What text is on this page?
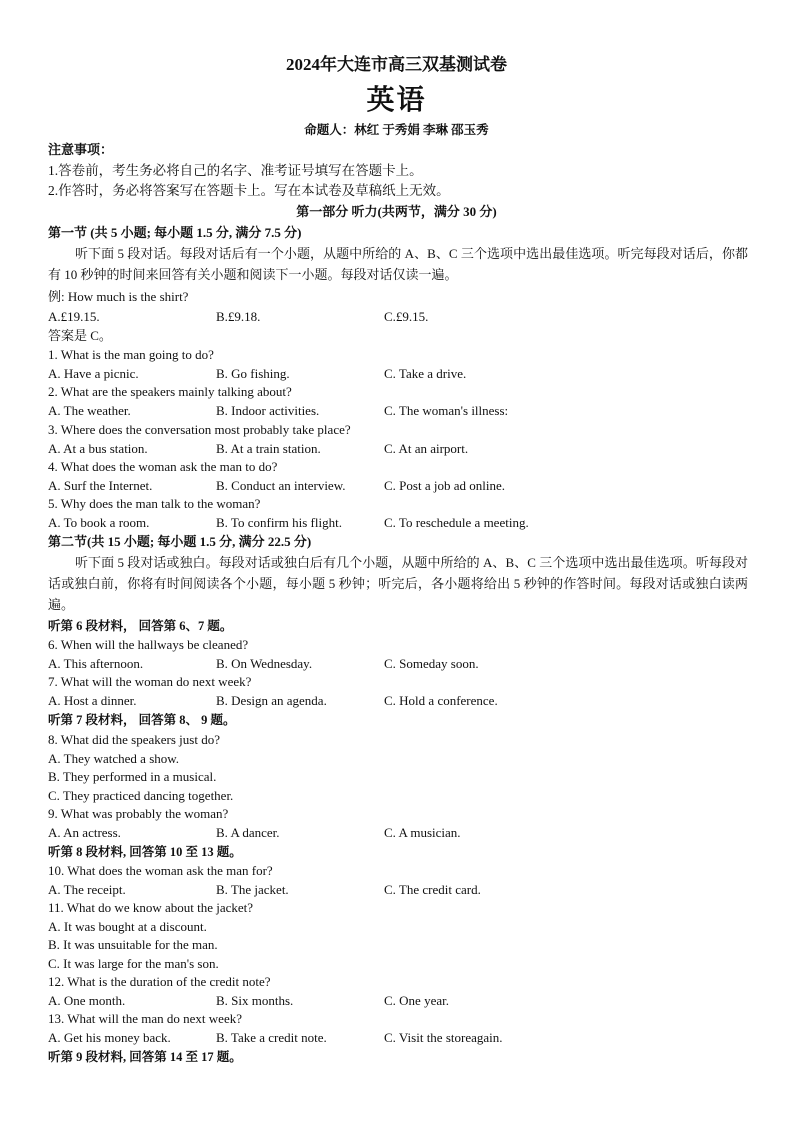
2024年大连市高三双基测试卷
英语
命题人：林红 于秀娟 李琳 邵玉秀
注意事项：
1.答卷前，考生务必将自己的名字、准考证号填写在答题卡上。
2.作答时，务必将答案写在答题卡上。写在本试卷及草稿纸上无效。
第一部分 听力(共两节，满分 30 分)
第一节 (共 5 小题; 每小题 1.5 分, 满分 7.5 分)
听下面 5 段对话。每段对话后有一个小题，从题中所给的 A、B、C 三个选项中选出最佳选项。听完每段对话后，你都有 10 秒钟的时间来回答有关小题和阅读下一小题。每段对话仅读一遍。
例: How much is the shirt?
A.£19.15.	B.£9.18.	C.£9.15.
答案是 C。
1. What is the man going to do?
A. Have a picnic.	B. Go fishing.	C. Take a drive.
2. What are the speakers mainly talking about?
A. The weather.	B. Indoor activities.	C. The woman's illness:
3. Where does the conversation most probably take place?
A. At a bus station.	B. At a train station.	C. At an airport.
4. What does the woman ask the man to do?
A. Surf the Internet.	B. Conduct an interview.	C. Post a job ad online.
5. Why does the man talk to the woman?
A. To book a room.	B. To confirm his flight.	C. To reschedule a meeting.
第二节(共 15 小题; 每小题 1.5 分, 满分 22.5 分)
听下面 5 段对话或独白。每段对话或独白后有几个小题，从题中所给的 A、B、C 三个选项中选出最佳选项。听每段对话或独白前，你将有时间阅读各个小题，每小题 5 秒钟；听完后，各小题将给出 5 秒钟的作答时间。每段对话或独白读两遍。
听第 6 段材料， 回答第 6、7 题。
6. When will the hallways be cleaned?
A. This afternoon.	B. On Wednesday.	C. Someday soon.
7. What will the woman do next week?
A. Host a dinner.	B. Design an agenda.	C. Hold a conference.
听第 7 段材料， 回答第 8、 9 题。
8. What did the speakers just do?
A. They watched a show.
B. They performed in a musical.
C. They practiced dancing together.
9. What was probably the woman?
A. An actress.	B. A dancer.	C. A musician.
听第 8 段材料, 回答第 10 至 13 题。
10. What does the woman ask the man for?
A. The receipt.	B. The jacket.	C. The credit card.
11. What do we know about the jacket?
A. It was bought at a discount.
B. It was unsuitable for the man.
C. It was large for the man's son.
12. What is the duration of the credit note?
A. One month.	B. Six months.	C. One year.
13. What will the man do next week?
A. Get his money back.	B. Take a credit note.	C. Visit the storeagain.
听第 9 段材料, 回答第 14 至 17 题。
